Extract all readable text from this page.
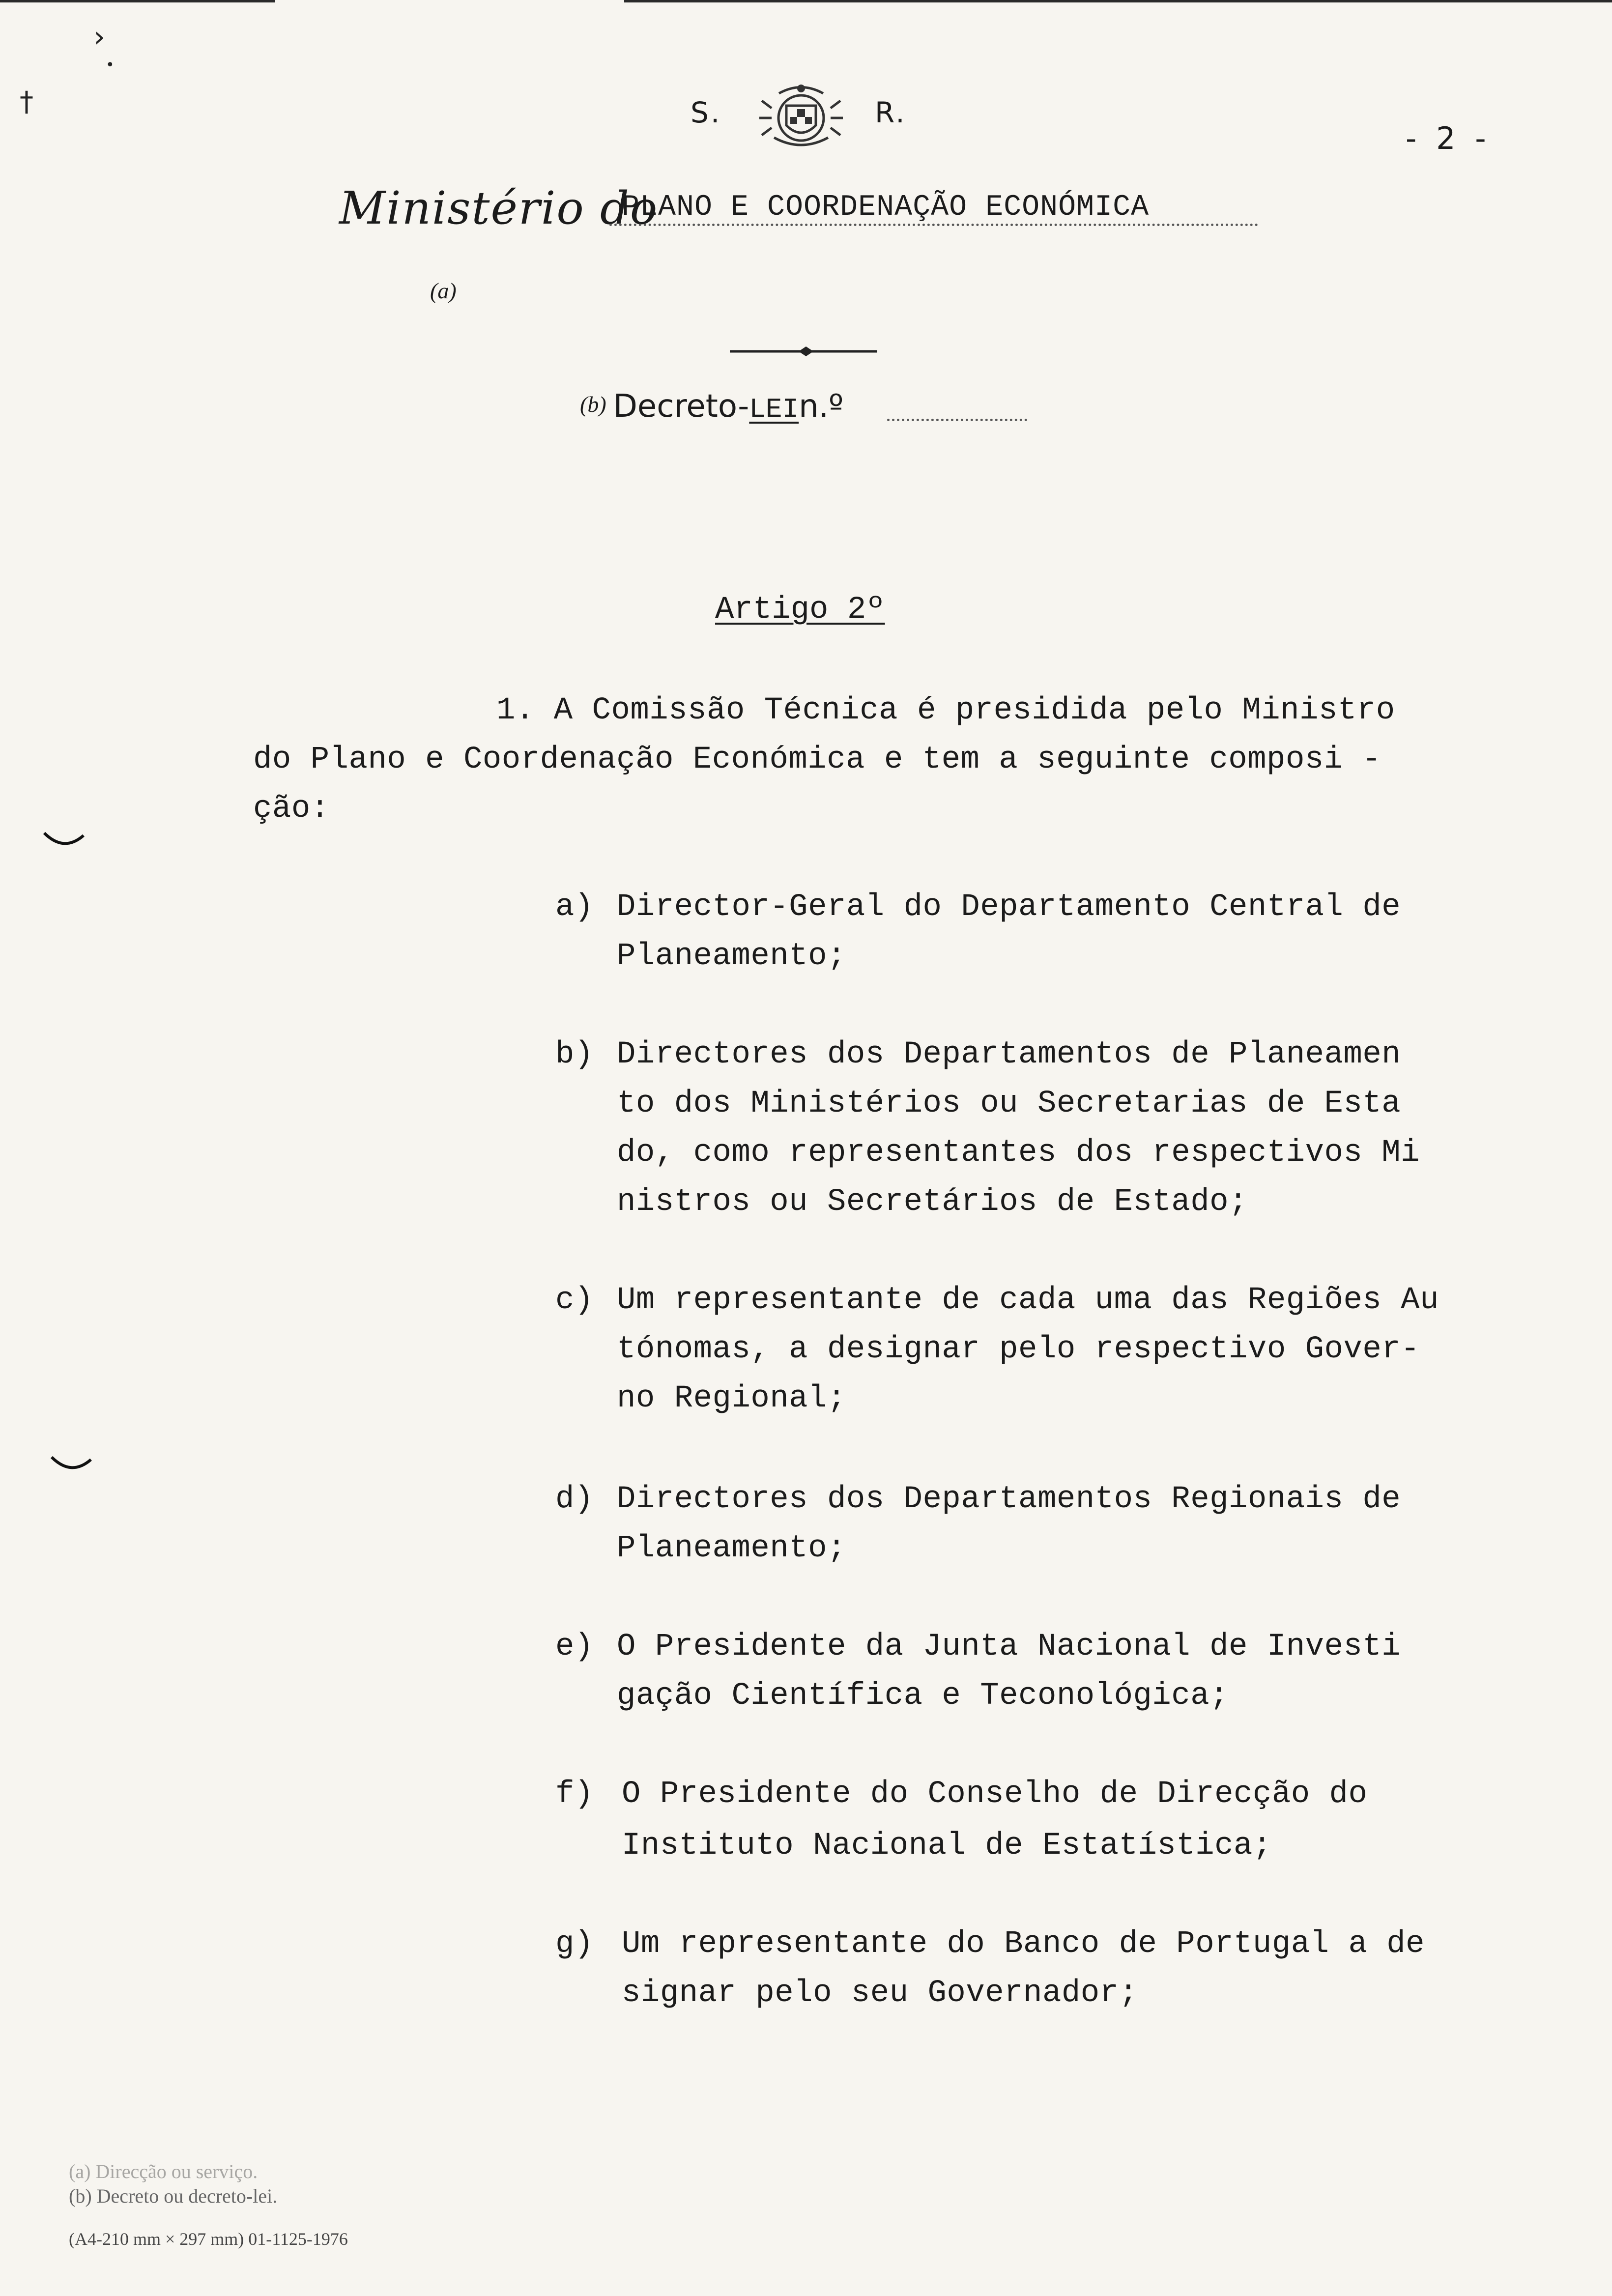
›
•
†	S.	R.
- 2 -
Ministério do
PLANO E COORDENAÇÃO ECONÓMICA
(a)
(b) Decreto-LEIn.º
Artigo 2º
1. A Comissão Técnica é presidida pelo Ministro
do Plano e Coordenação Económica e tem a seguinte composi -
ção:
a) Director-Geral do Departamento Central de
Planeamento;
b) Directores dos Departamentos de Planeamen
to dos Ministérios ou Secretarias de Esta
do, como representantes dos respectivos Mi
nistros ou Secretários de Estado;
c) Um representante de cada uma das Regiões Au
tónomas, a designar pelo respectivo Gover-
no Regional;
d) Directores dos Departamentos Regionais de
Planeamento;
e) O Presidente da Junta Nacional de Investi
gação Científica e Teconológica;
f) O Presidente do Conselho de Direcção do
Instituto Nacional de Estatística;
g) Um representante do Banco de Portugal a de
signar pelo seu Governador;
(a) Direcção ou serviço.
(b) Decreto ou decreto-lei.
(A4-210 mm × 297 mm) 01-1125-1976
